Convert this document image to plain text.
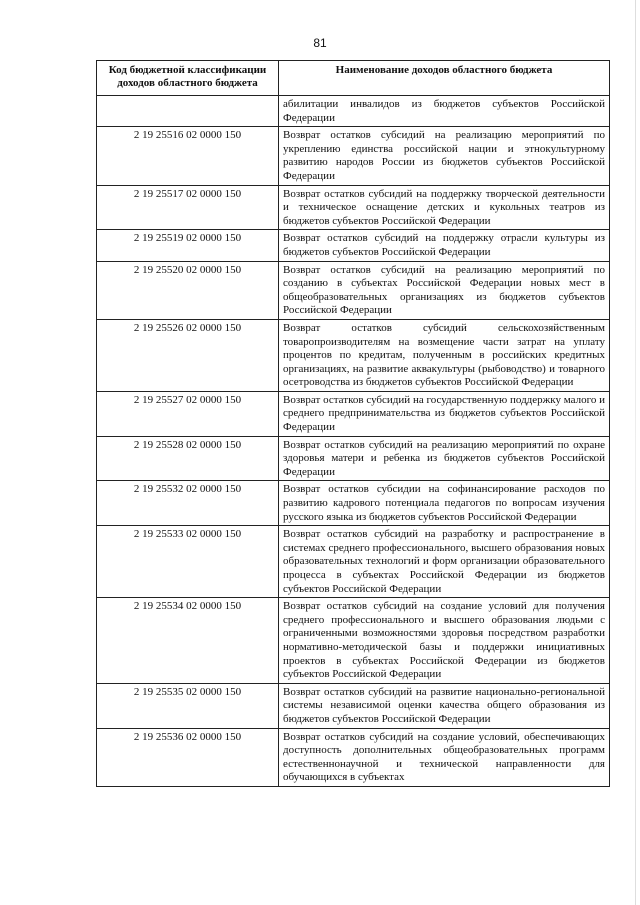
81
Код бюджетной классификации доходов областного бюджета	Наименование доходов областного бюджета
	абилитации инвалидов из бюджетов субъектов Российской Федерации
2 19 25516 02 0000 150	Возврат остатков субсидий на реализацию мероприятий по укреплению единства российской нации и этнокультурному развитию народов России из бюджетов субъектов Российской Федерации
2 19 25517 02 0000 150	Возврат остатков субсидий на поддержку творческой деятельности и техническое оснащение детских и кукольных театров из бюджетов субъектов Российской Федерации
2 19 25519 02 0000 150	Возврат остатков субсидий на поддержку отрасли культуры из бюджетов субъектов Российской Федерации
2 19 25520 02 0000 150	Возврат остатков субсидий на реализацию мероприятий по созданию в субъектах Российской Федерации новых мест в общеобразовательных организациях из бюджетов субъектов Российской Федерации
2 19 25526 02 0000 150	Возврат остатков субсидий сельскохозяйственным товаропроизводителям на возмещение части затрат на уплату процентов по кредитам, полученным в российских кредитных организациях, на развитие аквакультуры (рыбоводство) и товарного осетроводства из бюджетов субъектов Российской Федерации
2 19 25527 02 0000 150	Возврат остатков субсидий на государственную поддержку малого и среднего предпринимательства из бюджетов субъектов Российской Федерации
2 19 25528 02 0000 150	Возврат остатков субсидий на реализацию мероприятий по охране здоровья матери и ребенка из бюджетов субъектов Российской Федерации
2 19 25532 02 0000 150	Возврат остатков субсидии на софинансирование расходов по развитию кадрового потенциала педагогов по вопросам изучения русского языка из бюджетов субъектов Российской Федерации
2 19 25533 02 0000 150	Возврат остатков субсидий на разработку и распространение в системах среднего профессионального, высшего образования новых образовательных технологий и форм организации образовательного процесса в субъектах Российской Федерации из бюджетов субъектов Российской Федерации
2 19 25534 02 0000 150	Возврат остатков субсидий на создание условий для получения среднего профессионального и высшего образования людьми с ограниченными возможностями здоровья посредством разработки нормативно-методической базы и поддержки инициативных проектов в субъектах Российской Федерации из бюджетов субъектов Российской Федерации
2 19 25535 02 0000 150	Возврат остатков субсидий на развитие национально-региональной системы независимой оценки качества общего образования из бюджетов субъектов Российской Федерации
2 19 25536 02 0000 150	Возврат остатков субсидий на создание условий, обеспечивающих доступность дополнительных общеобразовательных программ естественнонаучной и технической направленности для обучающихся в субъектах
